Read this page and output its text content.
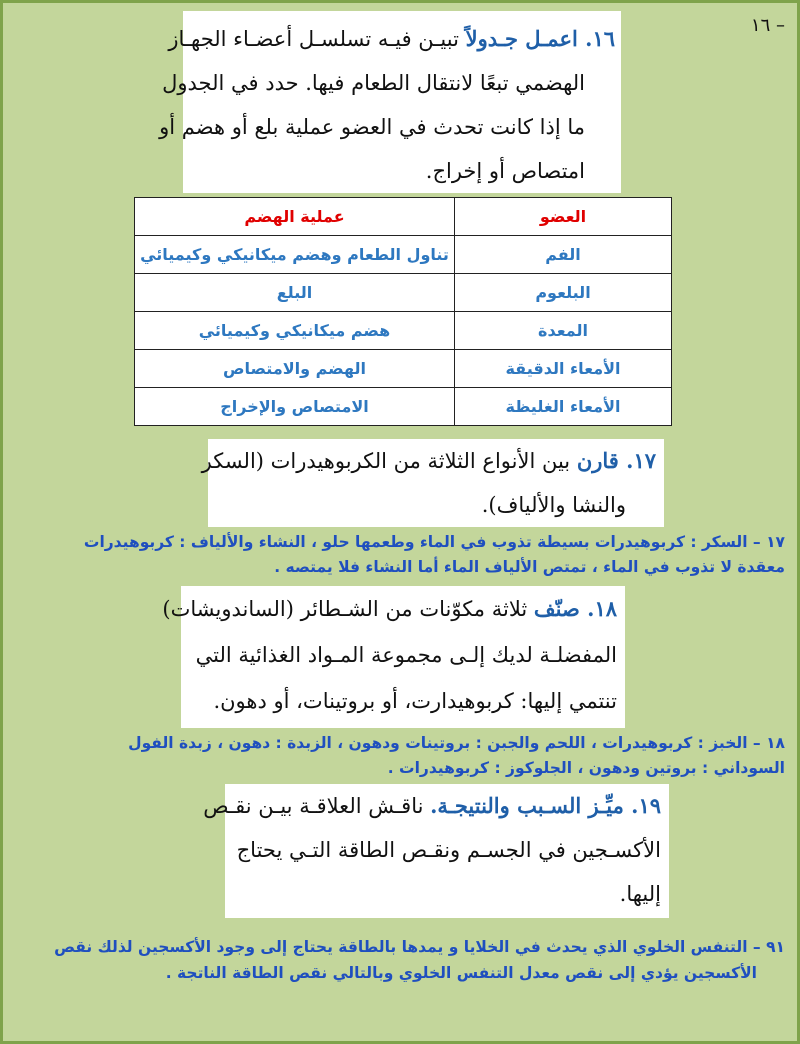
١٦ –
١٦. اعمـل جـدولاً تبيـن فيـه تسلسـل أعضـاء الجهـاز
الهضمي تبعًا لانتقال الطعام فيها. حدد في الجدول
ما إذا كانت تحدث في العضو عملية بلع أو هضم أو
امتصاص أو إخراج.
العضو	عملية الهضم
الفم	تناول الطعام وهضم ميكانيكي وكيميائي
البلعوم	البلع
المعدة	هضم ميكانيكي وكيميائي
الأمعاء الدقيقة	الهضم والامتصاص
الأمعاء الغليظة	الامتصاص والإخراج
١٧. قارن بين الأنواع الثلاثة من الكربوهيدرات (السكر
والنشا والألياف).
١٧ – السكر : كربوهيدرات بسيطة تذوب في الماء وطعمها حلو ، النشاء والألياف : كربوهيدرات
معقدة لا تذوب في الماء ، تمتص الألياف الماء أما النشاء فلا يمتصه .
١٨. صنّف ثلاثة مكوّنات من الشـطائر (الساندويشات)
المفضلـة لديك إلـى مجموعة المـواد الغذائية التي
تنتمي إليها: كربوهيدارت، أو بروتينات، أو دهون.
١٨ – الخبز : كربوهيدرات ، اللحم والجبن : بروتينات ودهون ، الزبدة : دهون ، زبدة الفول
السوداني : بروتين ودهون ، الجلوكوز : كربوهيدرات .
١٩. ميِّـز السـبب والنتيجـة. ناقـش العلاقـة بيـن نقـص
الأكسـجين في الجسـم ونقـص الطاقة التـي يحتاج
إليها.
٩١ – التنفس الخلوي الذي يحدث في الخلايا و يمدها بالطاقة يحتاج إلى وجود الأكسجين لذلك نقص
الأكسجين يؤدي إلى نقص معدل التنفس الخلوي وبالتالي نقص الطاقة الناتجة .
